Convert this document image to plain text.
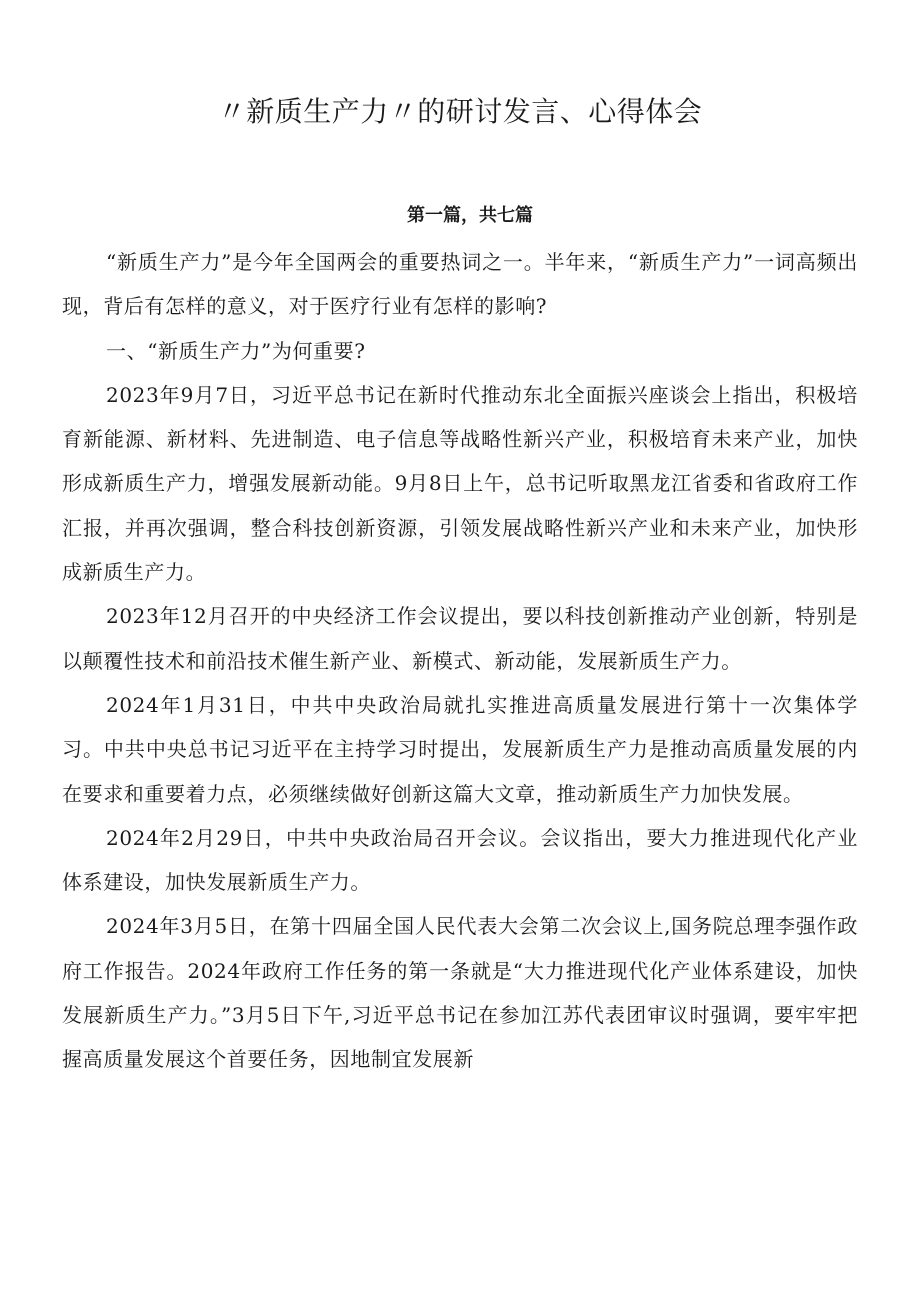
〃新质生产力〃的研讨发言、心得体会
第一篇，共七篇

“新质生产力”是今年全国两会的重要热词之一。半年来，“新质生产力”一词高频出现，背后有怎样的意义，对于医疗行业有怎样的影响?

一、“新质生产力”为何重要?

2023年9月7日，习近平总书记在新时代推动东北全面振兴座谈会上指出，积极培育新能源、新材料、先进制造、电子信息等战略性新兴产业，积极培育未来产业，加快形成新质生产力，增强发展新动能。9月8日上午，总书记听取黑龙江省委和省政府工作汇报，并再次强调，整合科技创新资源，引领发展战略性新兴产业和未来产业，加快形成新质生产力。

2023年12月召开的中央经济工作会议提出，要以科技创新推动产业创新，特别是以颠覆性技术和前沿技术催生新产业、新模式、新动能，发展新质生产力。

2024年1月31日，中共中央政治局就扎实推进高质量发展进行第十一次集体学习。中共中央总书记习近平在主持学习时提出，发展新质生产力是推动高质量发展的内在要求和重要着力点，必须继续做好创新这篇大文章，推动新质生产力加快发展。

2024年2月29日，中共中央政治局召开会议。会议指出，要大力推进现代化产业体系建设，加快发展新质生产力。

2024年3月5日，在第十四届全国人民代表大会第二次会议上,国务院总理李强作政府工作报告。2024年政府工作任务的第一条就是“大力推进现代化产业体系建设，加快发展新质生产力。”3月5日下午,习近平总书记在参加江苏代表团审议时强调，要牢牢把握高质量发展这个首要任务，因地制宜发展新
